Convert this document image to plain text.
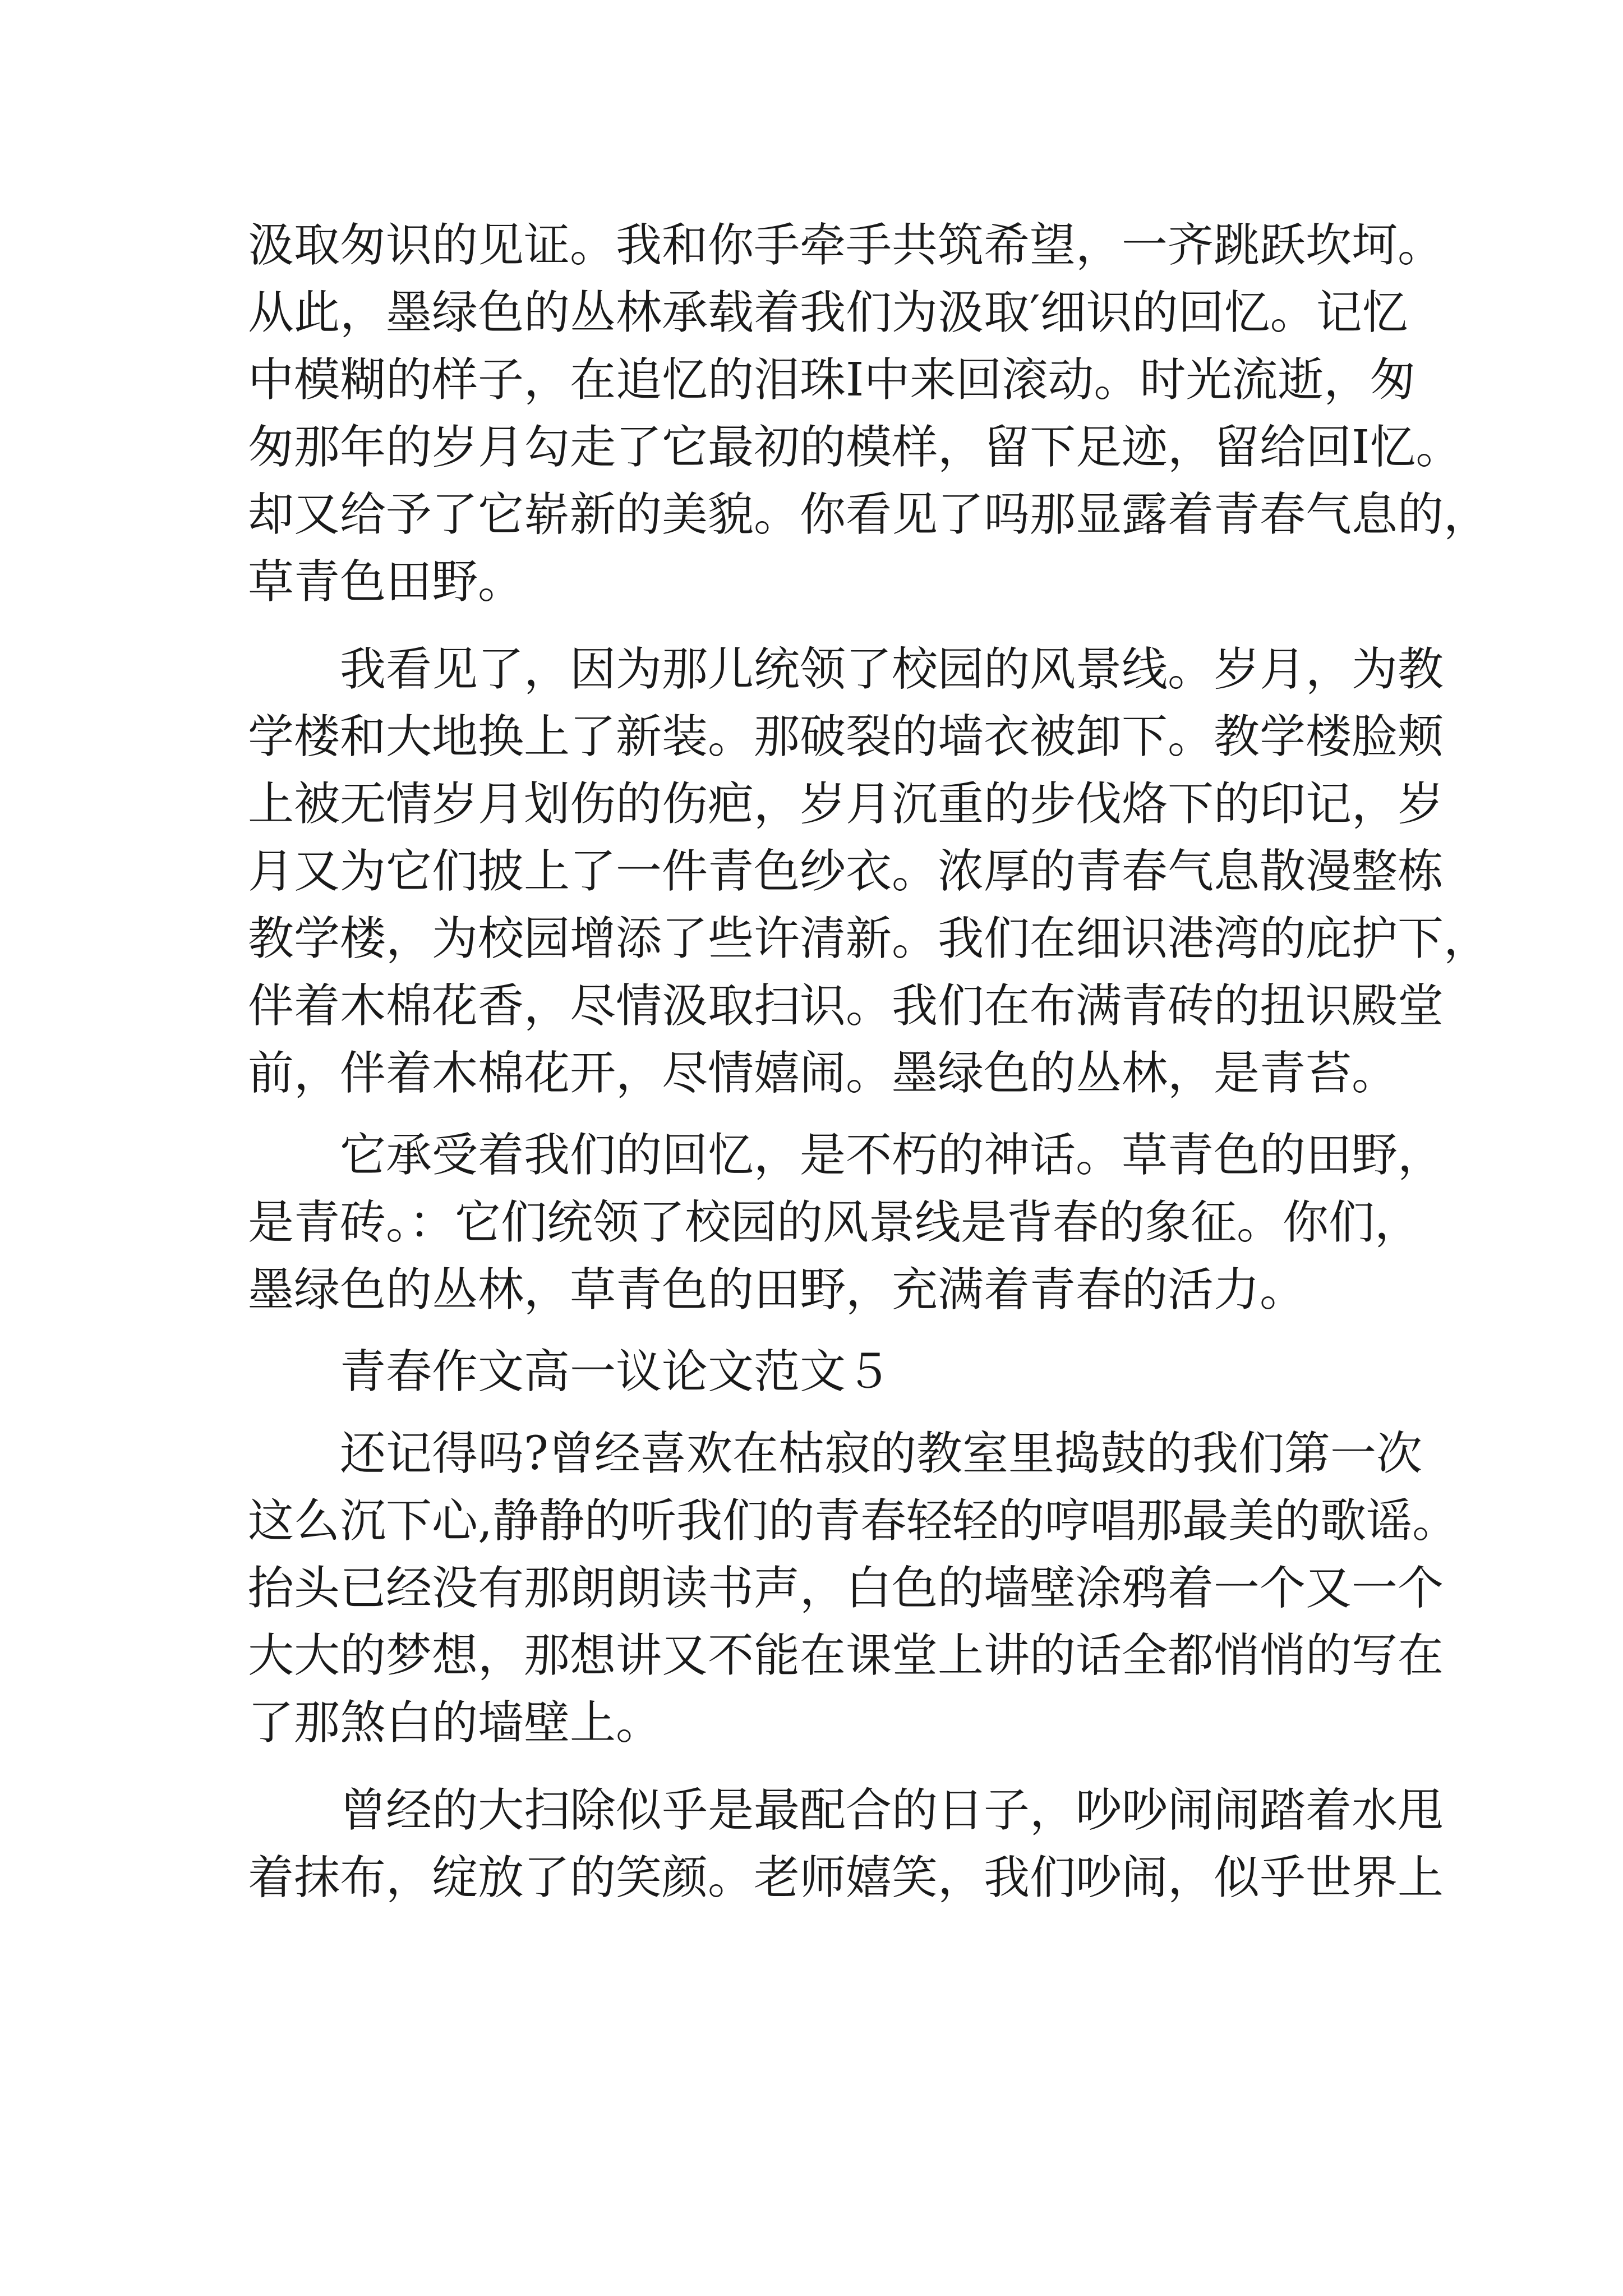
汲取匆识的见证。我和你手牵手共筑希望，一齐跳跃坎坷。
从此，墨绿色的丛林承载着我们为汲取′细识的回忆。记忆
中模糊的样子，在追忆的泪珠Ⅰ中来回滚动。时光流逝，匆
匆那年的岁月勾走了它最初的模样，留下足迹，留给回Ⅰ忆。
却又给予了它崭新的美貌。你看见了吗那显露着青春气息的，
草青色田野。
我看见了，因为那儿统领了校园的风景线。岁月，为教
学楼和大地换上了新装。那破裂的墙衣被卸下。教学楼脸颊
上被无情岁月划伤的伤疤，岁月沉重的步伐烙下的印记，岁
月又为它们披上了一件青色纱衣。浓厚的青春气息散漫整栋
教学楼，为校园增添了些许清新。我们在细识港湾的庇护下，
伴着木棉花香，尽情汲取扫识。我们在布满青砖的扭识殿堂
前，伴着木棉花开，尽情嬉闹。墨绿色的丛林，是青苔。
它承受着我们的回忆，是不朽的神话。草青色的田野，
是青砖。：它们统领了校园的风景线是背春的象征。你们，
墨绿色的丛林，草青色的田野，充满着青春的活力。
青春作文高一议论文范文５
还记得吗?曾经喜欢在枯寂的教室里捣鼓的我们第一次
这么沉下心,静静的听我们的青春轻轻的哼唱那最美的歌谣。
抬头已经没有那朗朗读书声，白色的墙壁涂鸦着一个又一个
大大的梦想，那想讲又不能在课堂上讲的话全都悄悄的写在
了那煞白的墙壁上。
曾经的大扫除似乎是最配合的日子，吵吵闹闹踏着水甩
着抹布，绽放了的笑颜。老师嬉笑，我们吵闹，似乎世界上
